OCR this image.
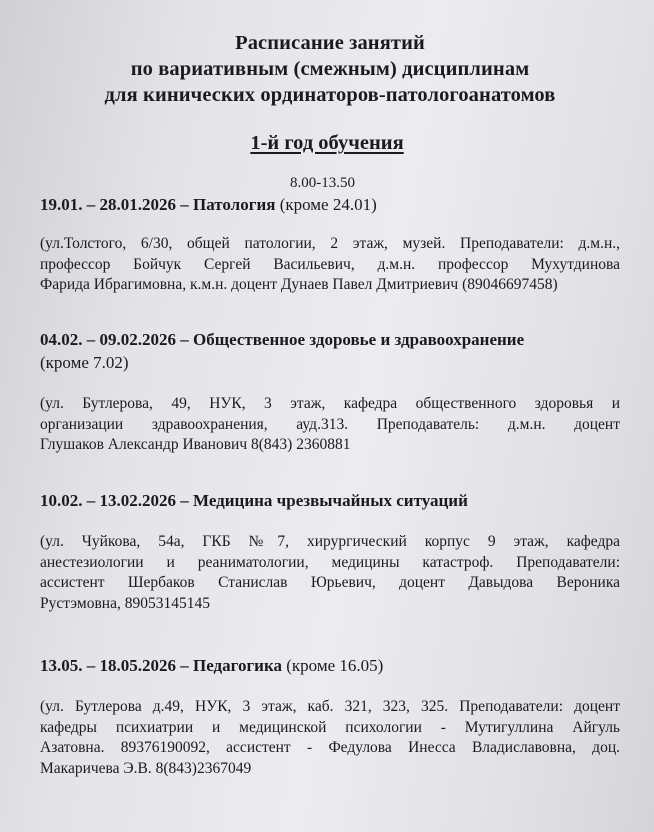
Расписание занятий
по вариативным (смежным) дисциплинам
для кинических ординаторов-патологоанатомов
1-й год обучения
8.00-13.50
19.01. – 28.01.2026 – Патология (кроме 24.01)
(ул.Толстого, 6/30, общей патологии, 2 этаж, музей. Преподаватели: д.м.н.,
профессор Бойчук Сергей Васильевич, д.м.н. профессор Мухутдинова
Фарида Ибрагимовна, к.м.н. доцент Дунаев Павел Дмитриевич (89046697458)
04.02. – 09.02.2026 – Общественное здоровье и здравоохранение
(кроме 7.02)
(ул. Бутлерова, 49, НУК, 3 этаж, кафедра общественного здоровья и
организации здравоохранения, ауд.313. Преподаватель: д.м.н. доцент
Глушаков Александр Иванович 8(843) 2360881
10.02. – 13.02.2026 – Медицина чрезвычайных ситуаций
(ул. Чуйкова, 54а, ГКБ №7, хирургический корпус 9 этаж, кафедра
анестезиологии и реаниматологии, медицины катастроф. Преподаватели:
ассистент Шербаков Станислав Юрьевич, доцент Давыдова Вероника
Рустэмовна, 89053145145
13.05. – 18.05.2026 – Педагогика (кроме 16.05)
(ул. Бутлерова д.49, НУК, 3 этаж, каб. 321, 323, 325. Преподаватели: доцент
кафедры психиатрии и медицинской психологии - Мутигуллина Айгуль
Азатовна. 89376190092, ассистент - Федулова Инесса Владиславовна, доц.
Макаричева Э.В. 8(843)2367049
